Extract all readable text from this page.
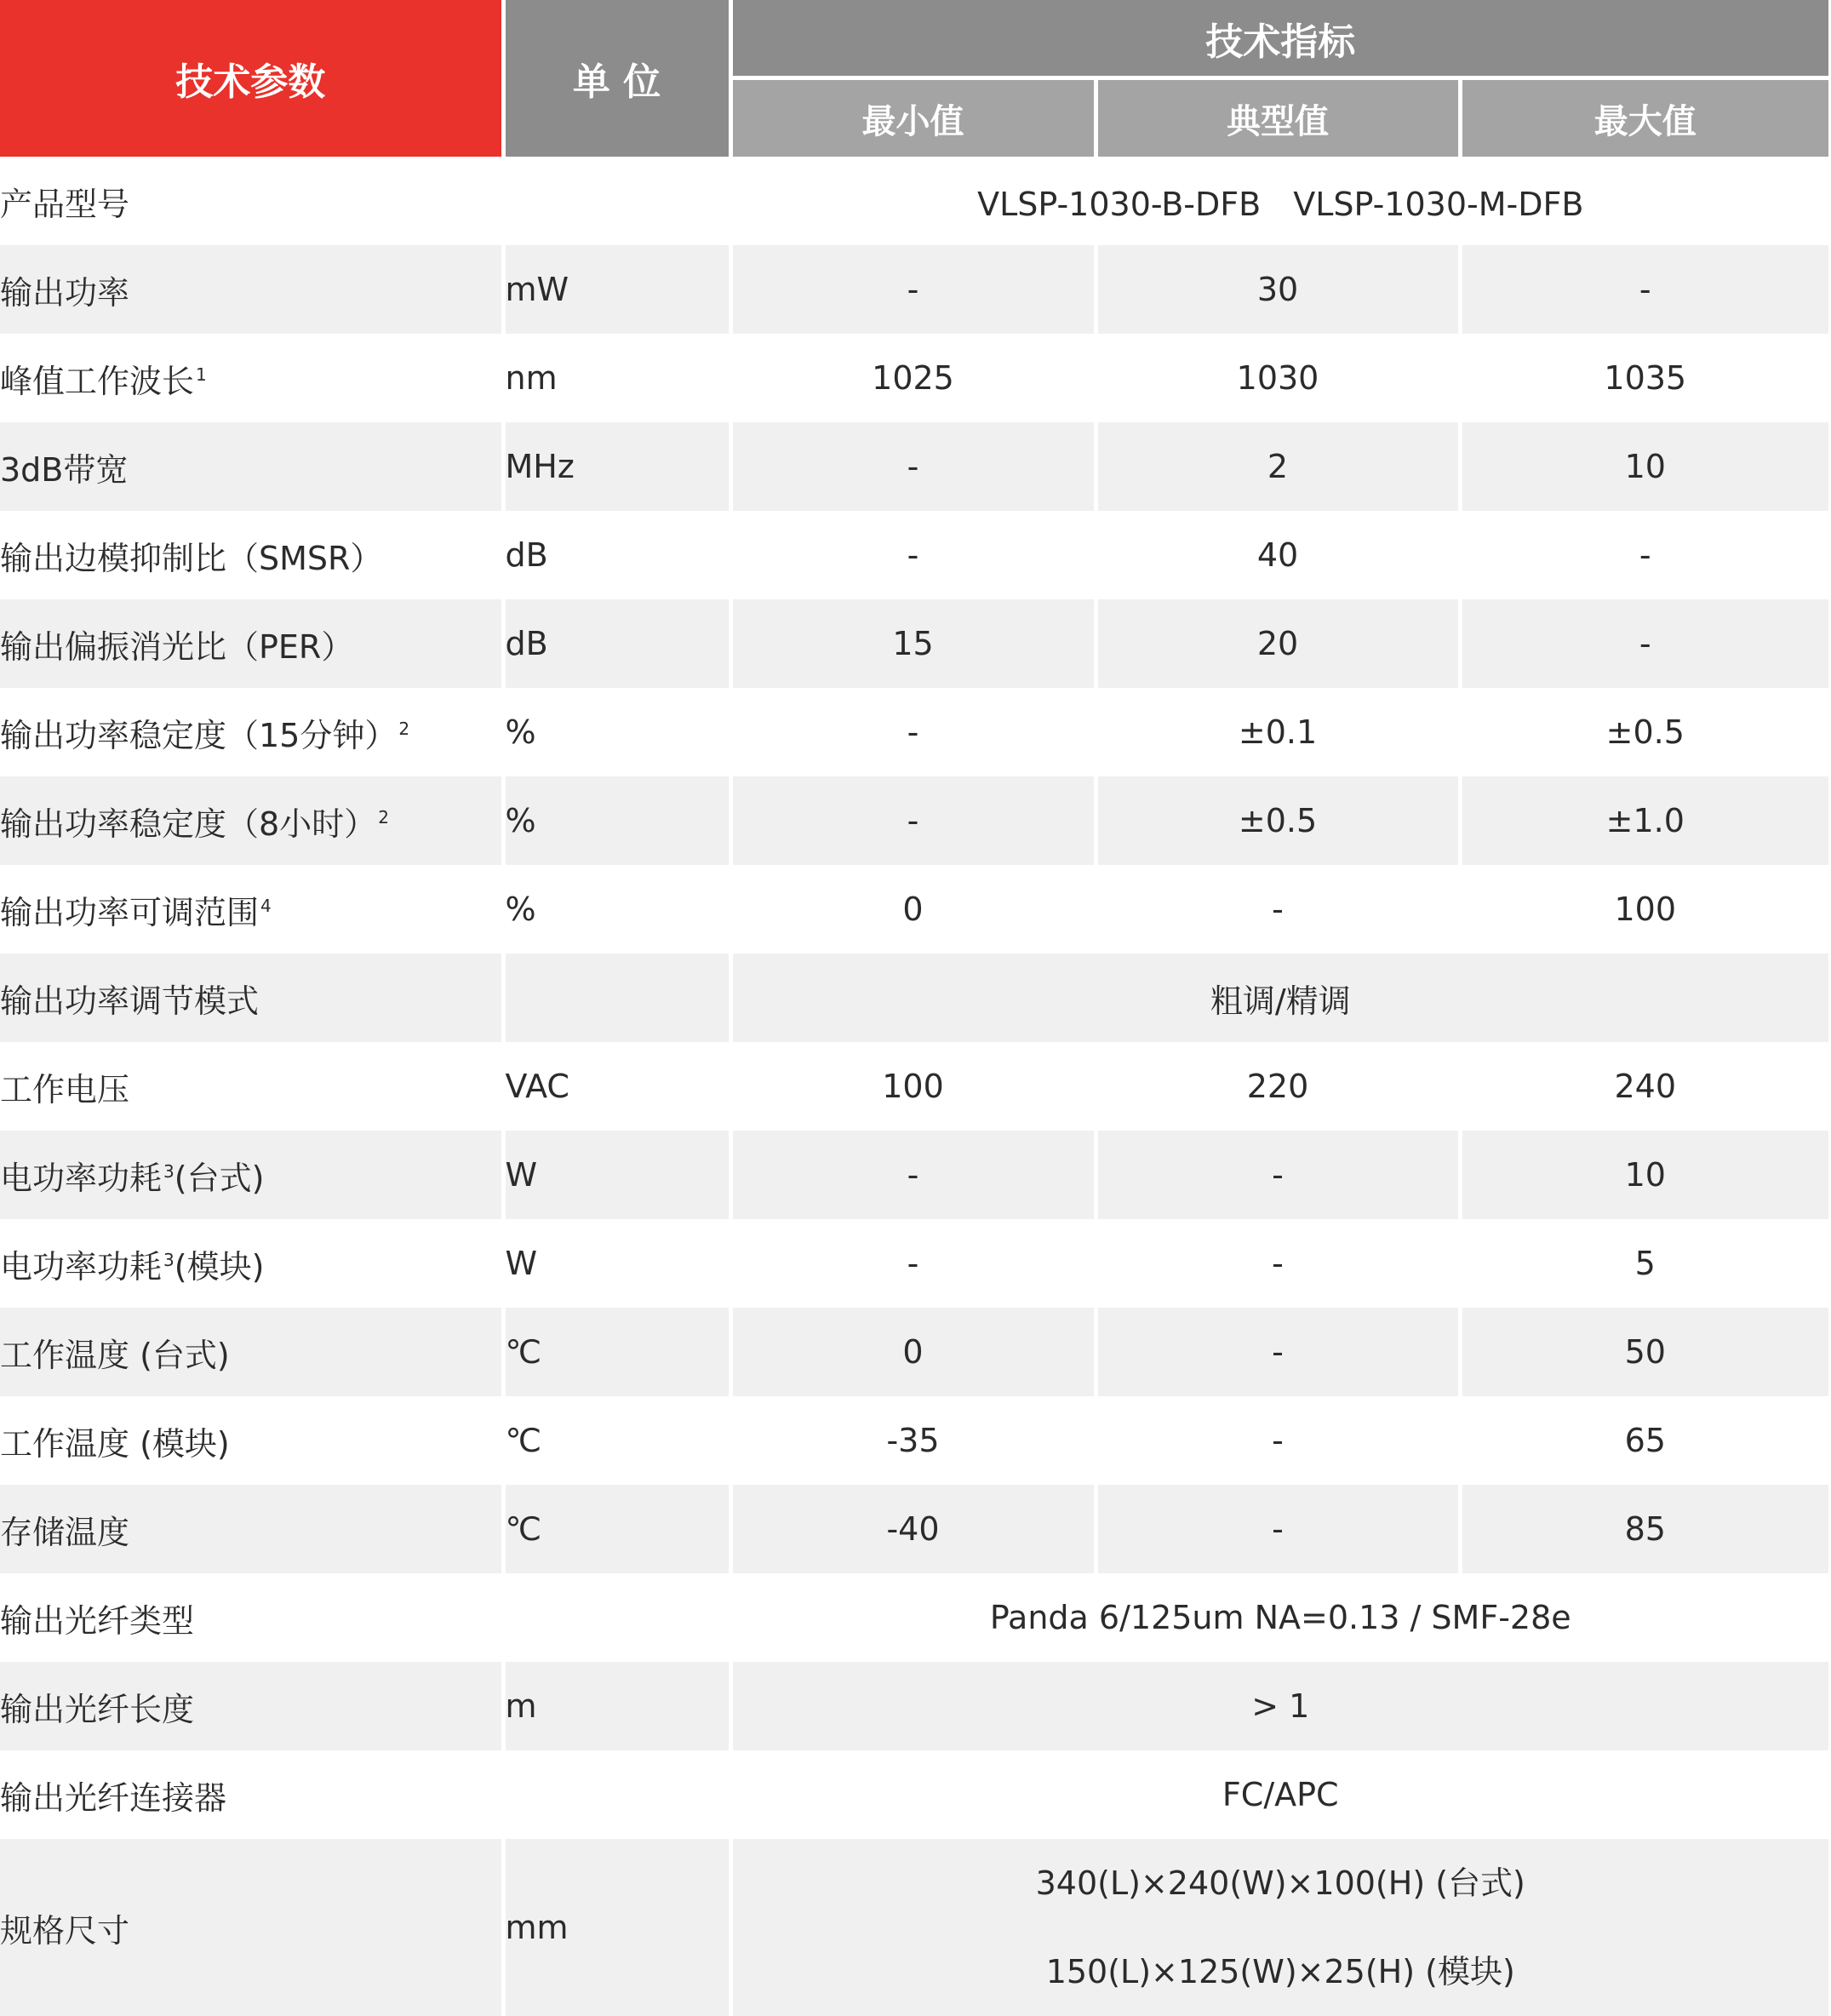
技术参数	单 位	技术指标		
		最小值	典型值	最大值
产品型号		VLSP-1030-B-DFB　VLSP-1030-M-DFB		
输出功率	mW	-	30	-
峰值工作波长 $^1$	nm	1025	1030	1035
3dB带宽	MHz	-	2	10
输出边模抑制比（SMSR）	dB	-	40	-
输出偏振消光比（PER）	dB	15	20	-
输出功率稳定度（15分钟） $^2$	%	-	±0.1	±0.5
输出功率稳定度（8小时） $^2$	%	-	±0.5	±1.0
输出功率可调范围 $^4$	%	0	-	100
输出功率调节模式		粗调/精调		
工作电压	VAC	100	220	240
电功率功耗 $^3$(台式)	W	-	-	10
电功率功耗 $^3$(模块)	W	-	-	5
工作温度 (台式)	℃	0	-	50
工作温度 (模块)	℃	-35	-	65
存储温度	℃	-40	-	85
输出光纤类型		Panda 6/125um NA=0.13 / SMF-28e		
输出光纤长度	m	> 1		
输出光纤连接器		FC/APC		
规格尺寸	mm	340(L)×240(W)×100(H) (台式)
150(L)×125(W)×25(H) (模块)		
